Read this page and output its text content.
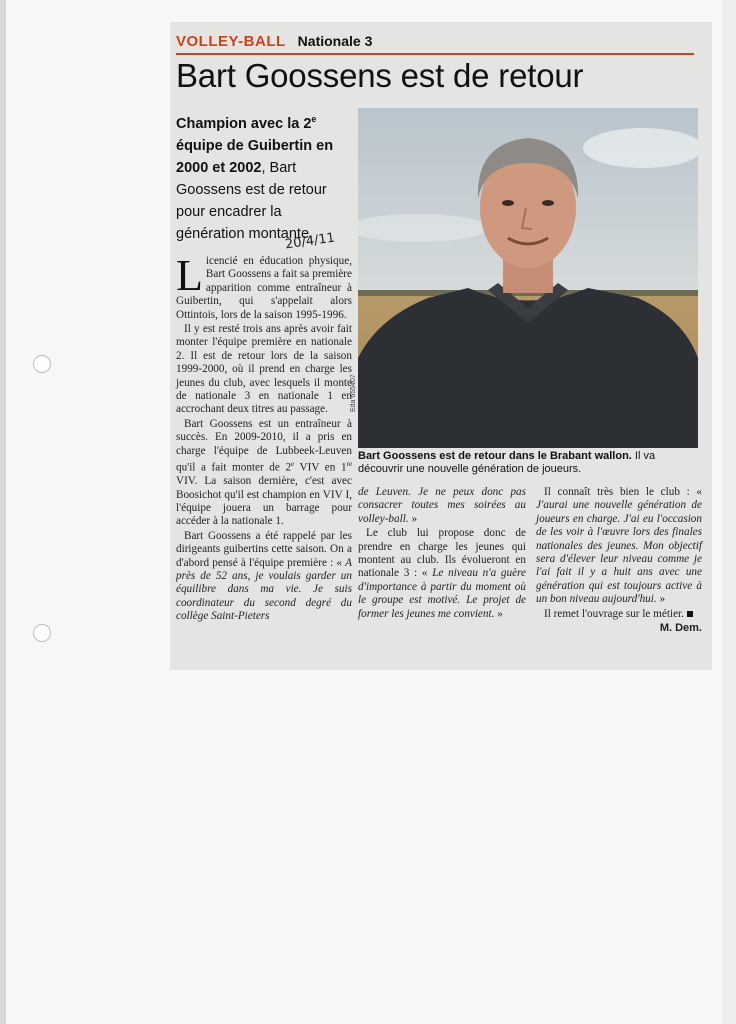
VOLLEY-BALL Nationale 3
Bart Goossens est de retour
Champion avec la 2e équipe de Guibertin en 2000 et 2002, Bart Goossens est de retour pour encadrer la génération montante.
20/4/11

Licencié en éducation physique, Bart Goossens a fait sa première apparition comme entraîneur à Guibertin, qui s'appelait alors Ottintois, lors de la saison 1995-1996.

Il y est resté trois ans après avoir fait monter l'équipe première en nationale 2. Il est de retour lors de la saison 1999-2000, où il prend en charge les jeunes du club, avec lesquels il monte de nationale 3 en nationale 1 en accrochant deux titres au passage.

Bart Goossens est un entraîneur à succès. En 2009-2010, il a pris en charge l'équipe de Lubbeek-Leuven qu'il a fait monter de 2e VIV en 1re VIV. La saison dernière, c'est avec Boosichot qu'il est champion en VIV I, l'équipe jouera un barrage pour accéder à la nationale 1.

Bart Goossens a été rappelé par les dirigeants guibertins cette saison. On a d'abord pensé à l'équipe première : « A près de 52 ans, je voulais garder un équilibre dans ma vie. Je suis coordinateur du second degré du collège Saint-Pieters

Eda 655407
Bart Goossens est de retour dans le Brabant wallon. Il va découvrir une nouvelle génération de joueurs.

de Leuven. Je ne peux donc pas consacrer toutes mes soirées au volley-ball. »

Le club lui propose donc de prendre en charge les jeunes qui montent au club. Ils évolueront en nationale 3 : « Le niveau n'a guère d'importance à partir du moment où le groupe est motivé. Le projet de former les jeunes me convient. »

Il connaît très bien le club : « J'aurai une nouvelle génération de joueurs en charge. J'ai eu l'occasion de les voir à l'œuvre lors des finales nationales des jeunes. Mon objectif sera d'élever leur niveau comme je l'ai fait il y a huit ans avec une génération qui est toujours active à un bon niveau aujourd'hui. »

Il remet l'ouvrage sur le métier.

M. Dem.
